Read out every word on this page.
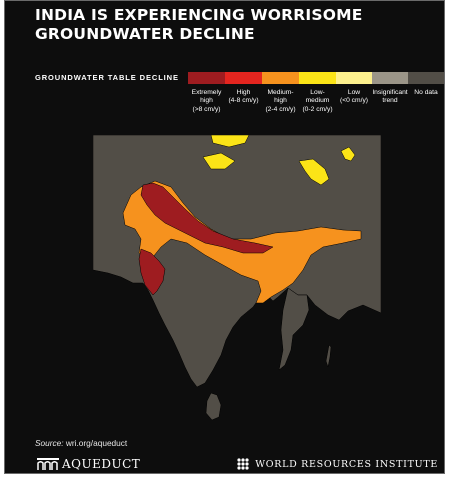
INDIA IS EXPERIENCING WORRISOME
GROUNDWATER DECLINE
GROUNDWATER TABLE DECLINE
Extremely
high
(>8 cm/y)
High
(4-8 cm/y)
Medium-
high
(2-4 cm/y)
Low-
medium
(0-2 cm/y)
Low
(<0 cm/y)
Insignificant
trend
No data
Source: wri.org/aqueduct
AQUEDUCT	WORLD RESOURCES INSTITUTE
